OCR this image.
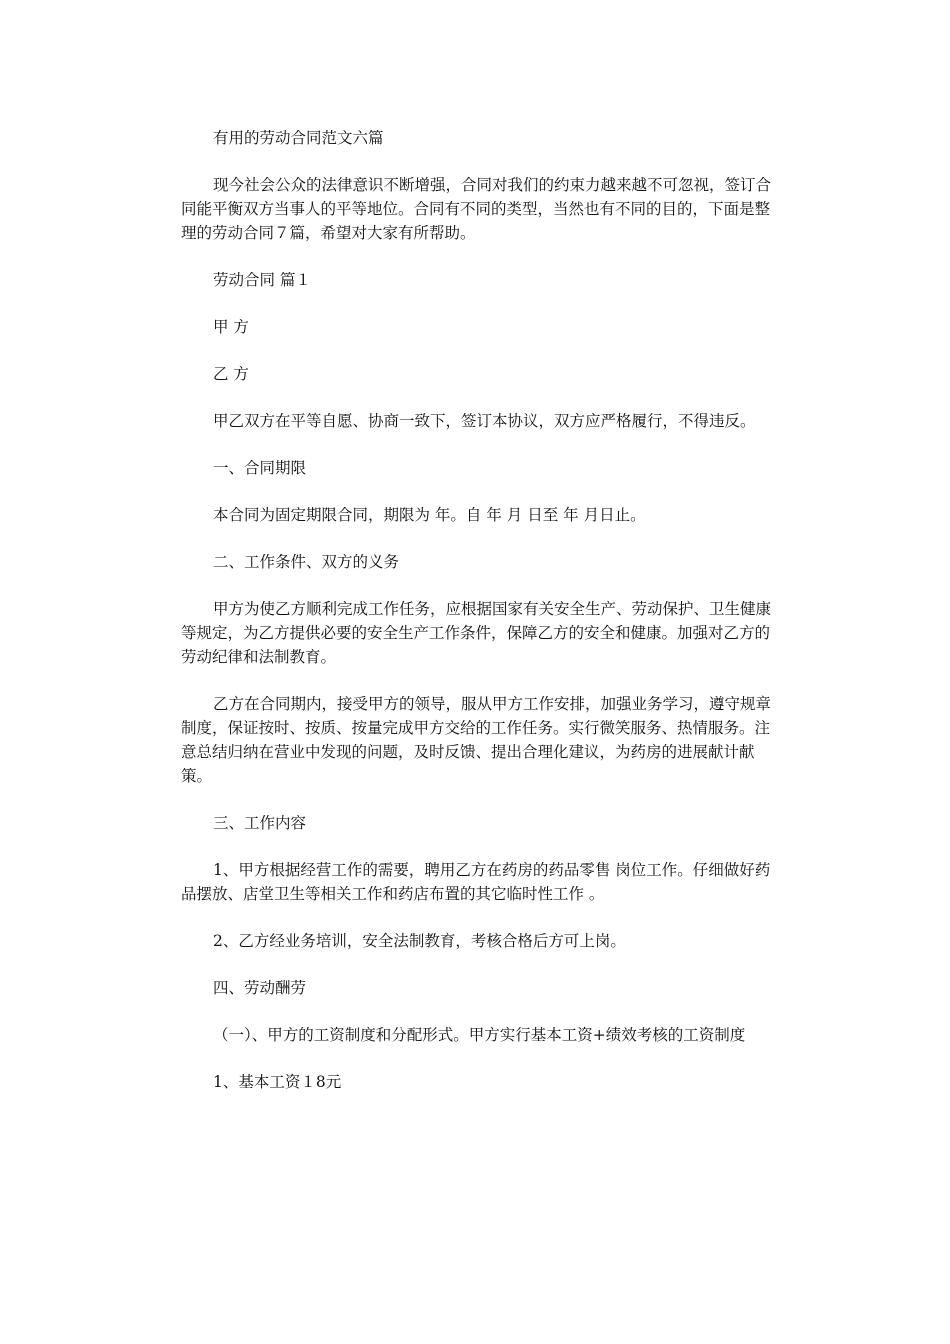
有用的劳动合同范文六篇

现今社会公众的法律意识不断增强，合同对我们的约束力越来越不可忽视，签订合同能平衡双方当事人的平等地位。合同有不同的类型，当然也有不同的目的，下面是整理的劳动合同７篇，希望对大家有所帮助。

劳动合同 篇１

甲 方

乙 方

甲乙双方在平等自愿、协商一致下，签订本协议，双方应严格履行，不得违反。

一、合同期限

本合同为固定期限合同，期限为 年。自 年 月 日至 年 月日止。

二、工作条件、双方的义务

甲方为使乙方顺利完成工作任务，应根据国家有关安全生产、劳动保护、卫生健康等规定，为乙方提供必要的安全生产工作条件，保障乙方的安全和健康。加强对乙方的劳动纪律和法制教育。

乙方在合同期内，接受甲方的领导，服从甲方工作安排，加强业务学习，遵守规章制度，保证按时、按质、按量完成甲方交给的工作任务。实行微笑服务、热情服务。注意总结归纳在营业中发现的问题，及时反馈、提出合理化建议，为药房的进展献计献策。

三、工作内容

1、甲方根据经营工作的需要，聘用乙方在药房的药品零售 岗位工作。仔细做好药品摆放、店堂卫生等相关工作和药店布置的其它临时性工作 。

2、乙方经业务培训，安全法制教育，考核合格后方可上岗。

四、劳动酬劳

（一）、甲方的工资制度和分配形式。甲方实行基本工资+绩效考核的工资制度

1、基本工资１8元
